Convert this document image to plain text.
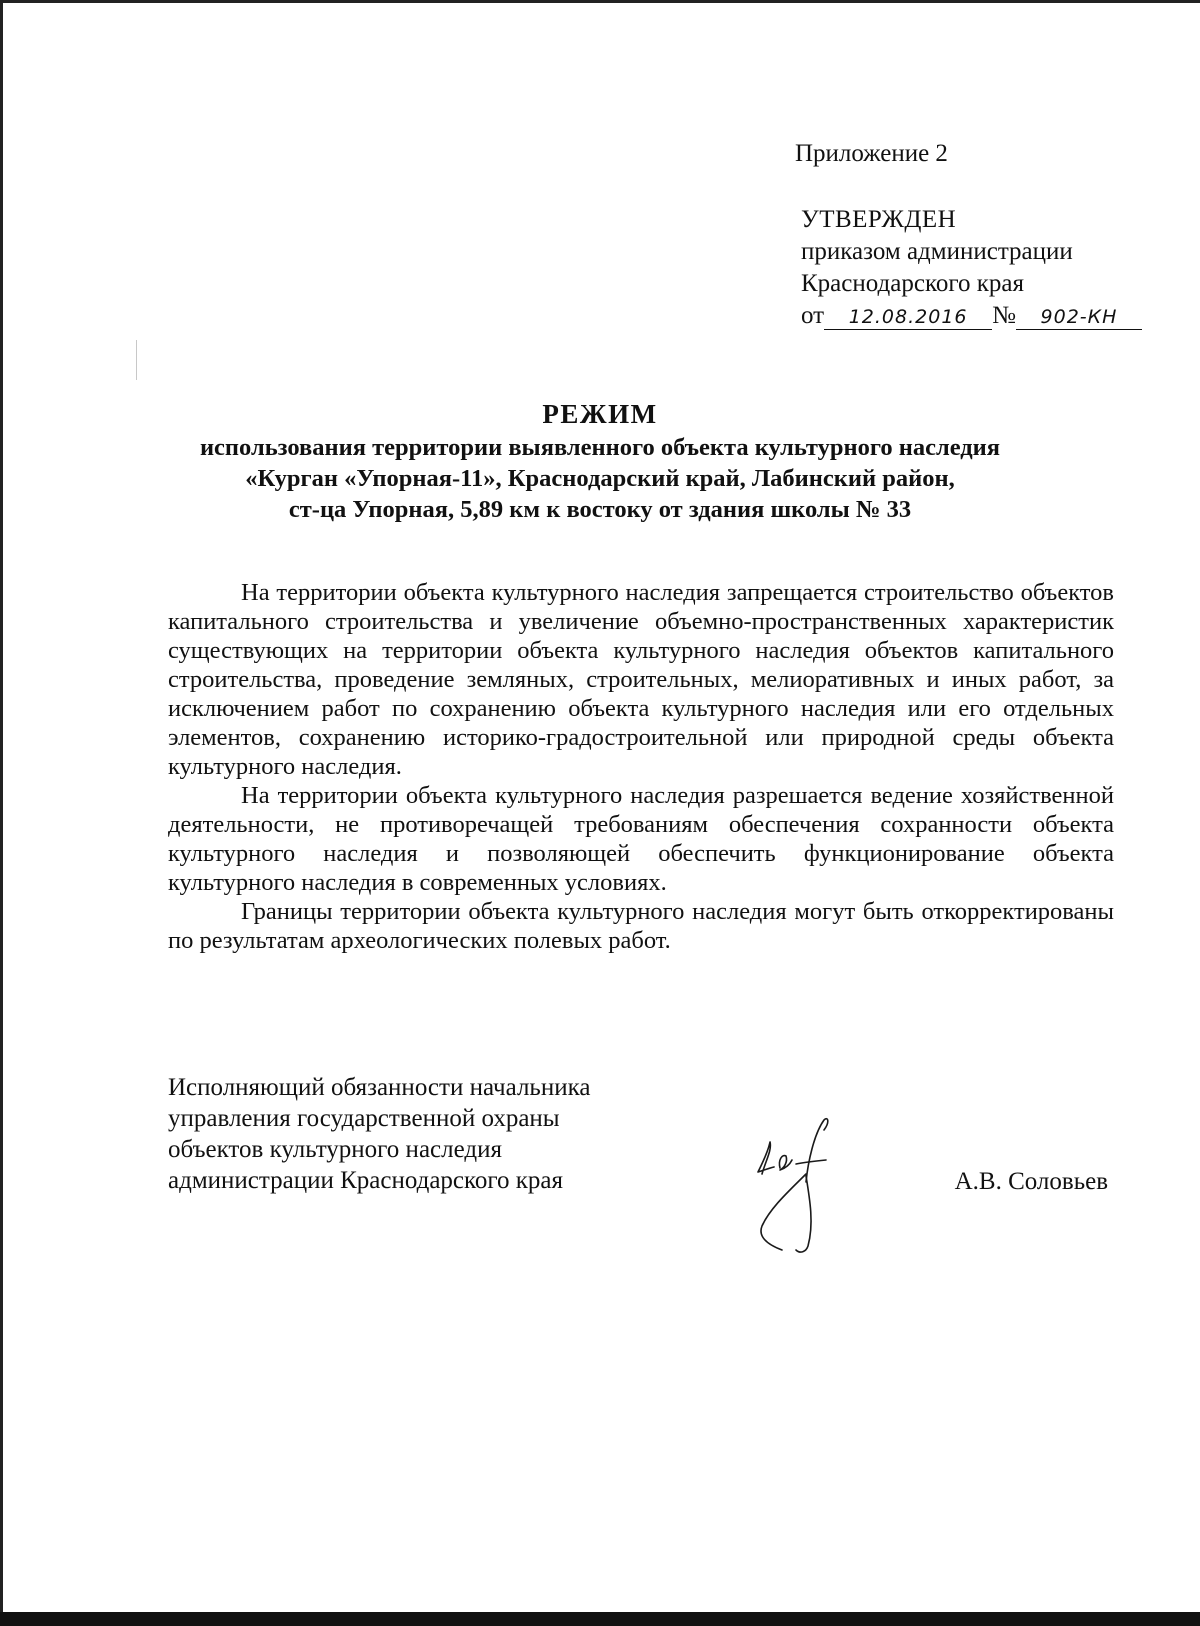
Приложение 2
УТВЕРЖДЕН
приказом администрации
Краснодарского края
от 12.08.2016 № 902-КН
РЕЖИМ
использования территории выявленного объекта культурного наследия
«Курган «Упорная-11», Краснодарский край, Лабинский район,
ст-ца Упорная, 5,89 км к востоку от здания школы № 33

На территории объекта культурного наследия запрещается строительство объектов капитального строительства и увеличение объемно-пространственных характеристик существующих на территории объекта культурного наследия объектов капитального строительства, проведение земляных, строительных, мелиоративных и иных работ, за исключением работ по сохранению объекта культурного наследия или его отдельных элементов, сохранению историко-градостроительной или природной среды объекта культурного наследия.

На территории объекта культурного наследия разрешается ведение хозяйственной деятельности, не противоречащей требованиям обеспечения сохранности объекта культурного наследия и позволяющей обеспечить функционирование объекта культурного наследия в современных условиях.

Границы территории объекта культурного наследия могут быть откорректированы по результатам археологических полевых работ.

Исполняющий обязанности начальника
управления государственной охраны
объектов культурного наследия
администрации Краснодарского края	А.В. Соловьев
